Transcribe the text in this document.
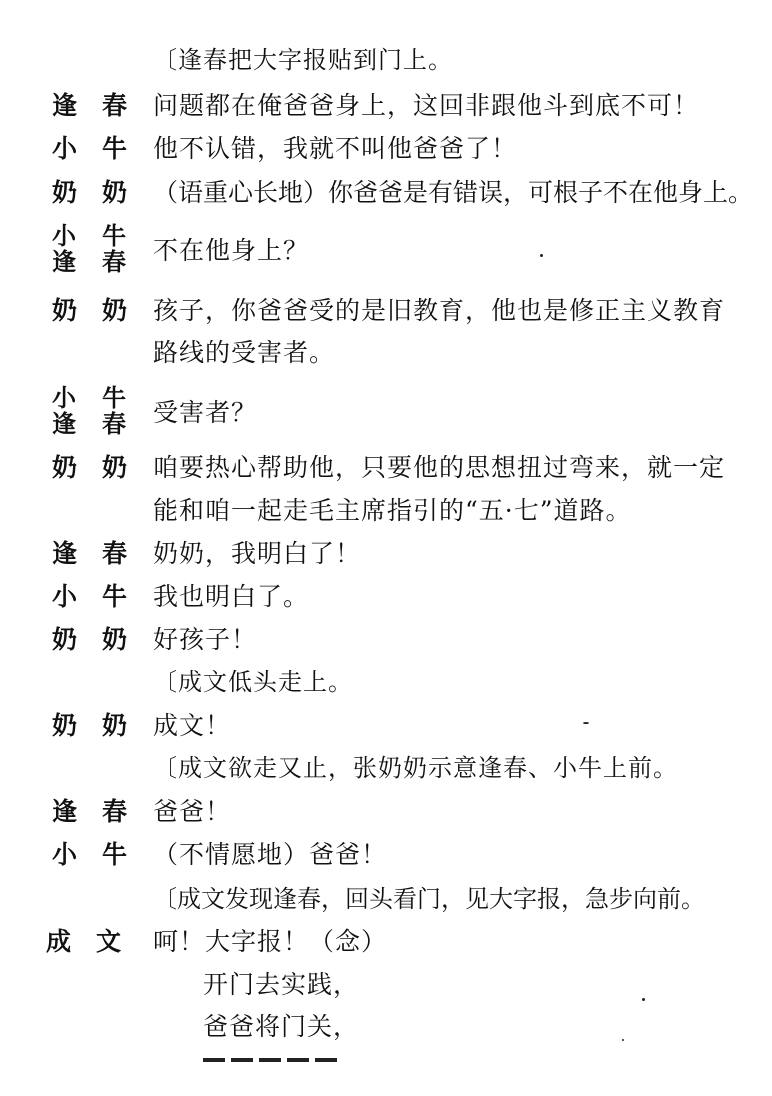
〔逢春把大字报贴到门上。
逢 春 问题都在俺爸爸身上，这回非跟他斗到底不可！
小 牛 他不认错，我就不叫他爸爸了！
奶 奶 （语重心长地）你爸爸是有错误，可根子不在他身上。
小 牛
逢 春 不在他身上？
奶 奶 孩子，你爸爸受的是旧教育，他也是修正主义教育
路线的受害者。
小 牛
逢 春 受害者？
奶 奶 咱要热心帮助他，只要他的思想扭过弯来，就一定
能和咱一起走毛主席指引的“五·七”道路。
逢 春 奶奶，我明白了！
小 牛 我也明白了。
奶 奶 好孩子！
〔成文低头走上。
奶 奶 成文！
〔成文欲走又止，张奶奶示意逢春、小牛上前。
逢 春 爸爸！
小 牛 （不情愿地）爸爸！
〔成文发现逢春，回头看门，见大字报，急步向前。
成 文 呵！大字报！（念）
开门去实践，
爸爸将门关，
